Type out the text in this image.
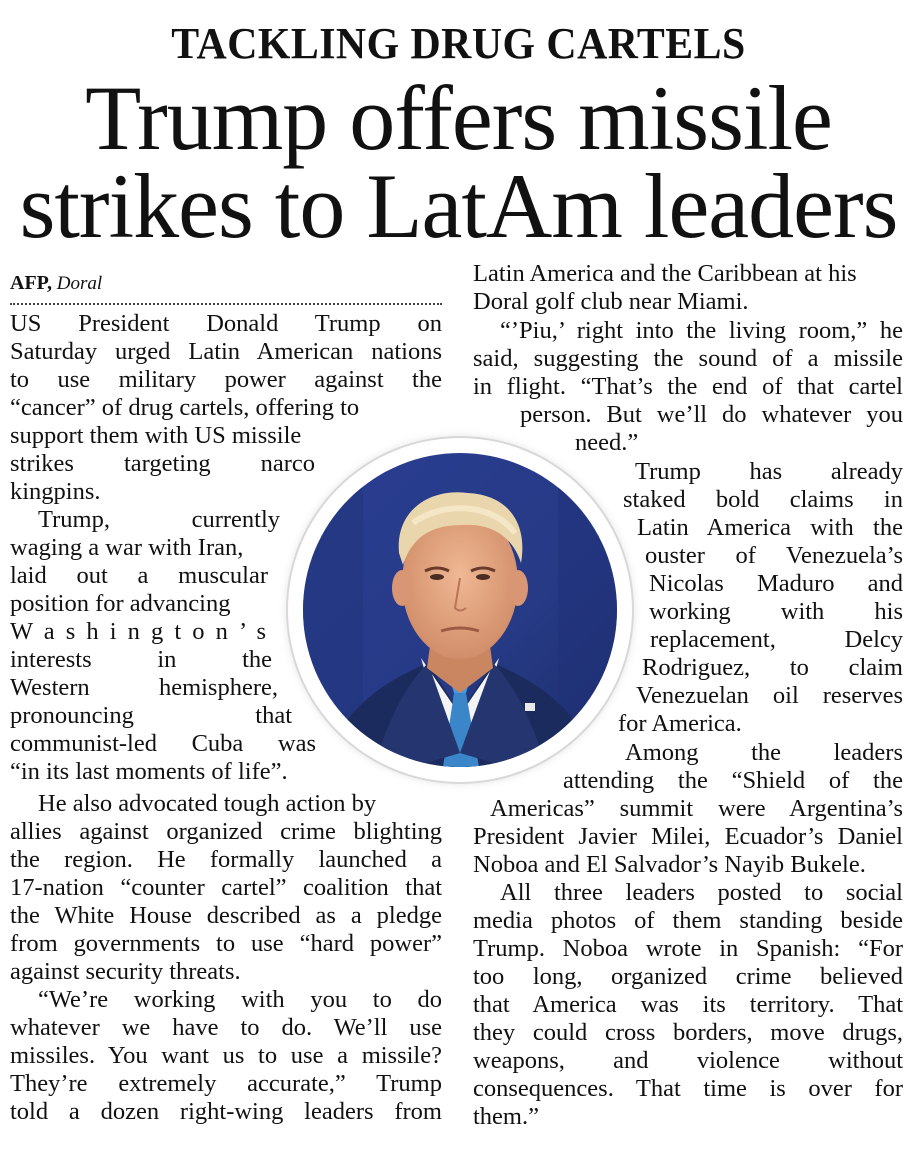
TACKLING DRUG CARTELS
Trump offers missile
strikes to LatAm leaders
AFP, Doral
US President Donald Trump on
Saturday urged Latin American nations
to use military power against the
“cancer” of drug cartels, offering to
support them with US missile
strikes targeting narco
kingpins.
Trump, currently
waging a war with Iran,
laid out a muscular
position for advancing
W a s h i n g t o n ’ s
interests in the
Western hemisphere,
pronouncing that
communist-led Cuba was
“in its last moments of life”.
He also advocated tough action by
allies against organized crime blighting
the region. He formally launched a
17-nation “counter cartel” coalition that
the White House described as a pledge
from governments to use “hard power”
against security threats.
“We’re working with you to do
whatever we have to do. We’ll use
missiles. You want us to use a missile?
They’re extremely accurate,” Trump
told a dozen right-wing leaders from
Latin America and the Caribbean at his
Doral golf club near Miami.
“’Piu,’ right into the living room,” he
said, suggesting the sound of a missile
in flight. “That’s the end of that cartel
person. But we’ll do whatever you
need.”
Trump has already
staked bold claims in
Latin America with the
ouster of Venezuela’s
Nicolas Maduro and
working with his
replacement, Delcy
Rodriguez, to claim
Venezuelan oil reserves
for America.
Among the leaders
attending the “Shield of the
Americas” summit were Argentina’s
President Javier Milei, Ecuador’s Daniel
Noboa and El Salvador’s Nayib Bukele.
All three leaders posted to social
media photos of them standing beside
Trump. Noboa wrote in Spanish: “For
too long, organized crime believed
that America was its territory. That
they could cross borders, move drugs,
weapons, and violence without
consequences. That time is over for
them.”
